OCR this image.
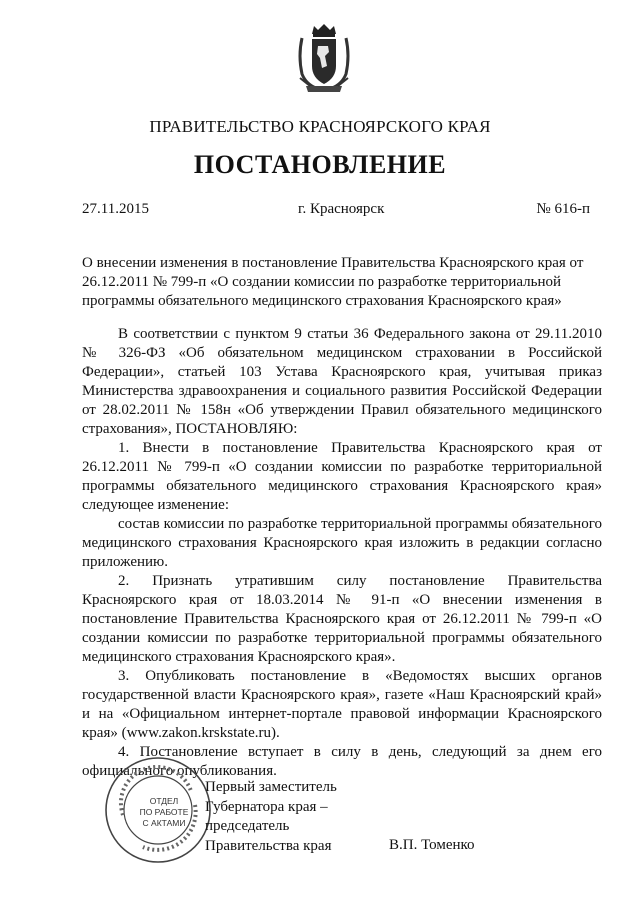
ПРАВИТЕЛЬСТВО КРАСНОЯРСКОГО КРАЯ
ПОСТАНОВЛЕНИЕ
27.11.2015	г. Красноярск	№ 616-п
О внесении изменения в постановление Правительства Красноярского края от 26.12.2011 № 799-п «О создании комиссии по разработке территориальной программы обязательного медицинского страхования Красноярского края»

В соответствии с пунктом 9 статьи 36 Федерального закона от 29.11.2010 № 326-ФЗ «Об обязательном медицинском страховании в Российской Федерации», статьей 103 Устава Красноярского края, учитывая приказ Министерства здравоохранения и социального развития Российской Федерации от 28.02.2011 № 158н «Об утверждении Правил обязательного медицинского страхования», ПОСТАНОВЛЯЮ:

1. Внести в постановление Правительства Красноярского края от 26.12.2011 № 799-п «О создании комиссии по разработке территориальной программы обязательного медицинского страхования Красноярского края» следующее изменение:

состав комиссии по разработке территориальной программы обязательного медицинского страхования Красноярского края изложить в редакции согласно приложению.

2. Признать утратившим силу постановление Правительства Красноярского края от 18.03.2014 № 91-п «О внесении изменения в постановление Правительства Красноярского края от 26.12.2011 № 799-п «О создании комиссии по разработке территориальной программы обязательного медицинского страхования Красноярского края».

3. Опубликовать постановление в «Ведомостях высших органов государственной власти Красноярского края», газете «Наш Красноярский край» и на «Официальном интернет-портале правовой информации Красноярского края» (www.zakon.krskstate.ru).

4. Постановление вступает в силу в день, следующий за днем его официального опубликования.

ОТДЕЛ
ПО РАБОТЕ
С АКТАМИ
Первый заместитель
Губернатора края –
председатель
Правительства края	В.П. Томенко
